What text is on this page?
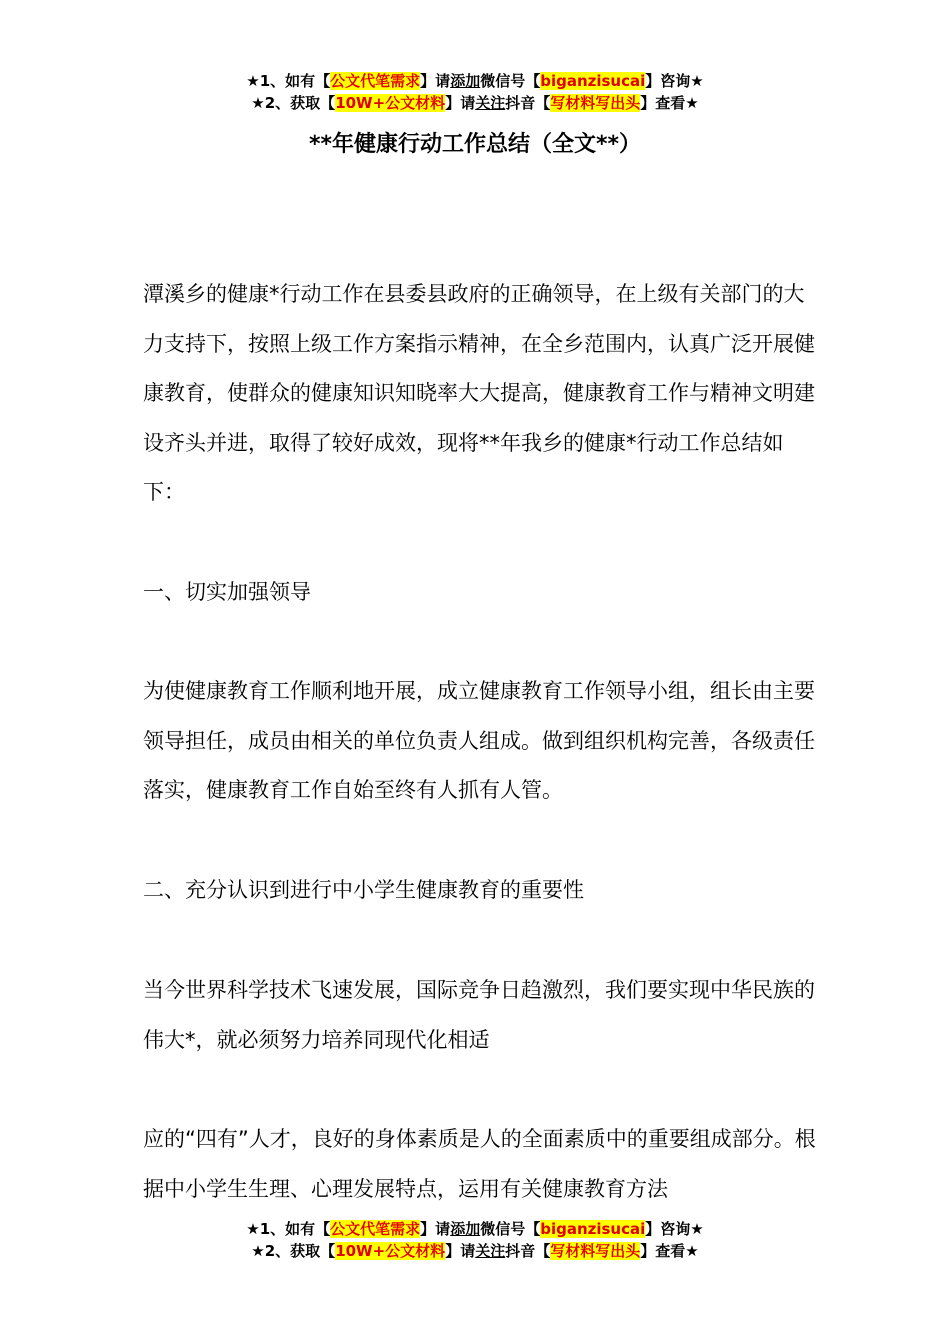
★1、如有【公文代笔需求】请添加微信号【biganzisucai】咨询★
★2、获取【10W+公文材料】请关注抖音【写材料写出头】查看★
**年健康行动工作总结（全文**）

潭溪乡的健康*行动工作在县委县政府的正确领导，在上级有关部门的大力支持下，按照上级工作方案指示精神，在全乡范围内，认真广泛开展健康教育，使群众的健康知识知晓率大大提高，健康教育工作与精神文明建设齐头并进，取得了较好成效，现将**年我乡的健康*行动工作总结如下：

一、切实加强领导

为使健康教育工作顺利地开展，成立健康教育工作领导小组，组长由主要领导担任，成员由相关的单位负责人组成。做到组织机构完善，各级责任落实，健康教育工作自始至终有人抓有人管。

二、充分认识到进行中小学生健康教育的重要性

当今世界科学技术飞速发展，国际竞争日趋激烈，我们要实现中华民族的伟大*，就必须努力培养同现代化相适

应的“四有”人才，良好的身体素质是人的全面素质中的重要组成部分。根据中小学生生理、心理发展特点，运用有关健康教育方法

★1、如有【公文代笔需求】请添加微信号【biganzisucai】咨询★
★2、获取【10W+公文材料】请关注抖音【写材料写出头】查看★
